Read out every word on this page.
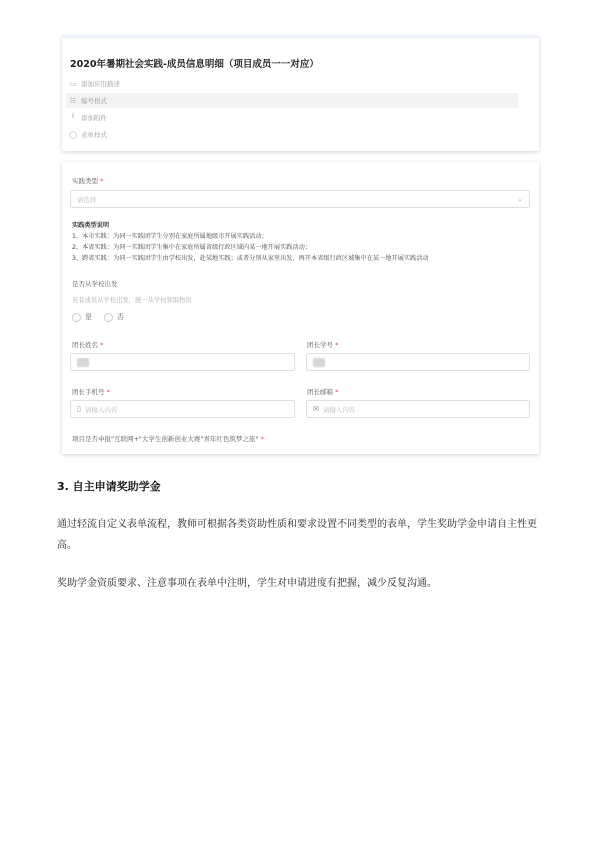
2020年暑期社会实践-成员信息明细（项目成员一一对应）
▭ 添加应用描述
☷ 编号格式
⭱	添加附件
◯ 表单样式
实践类型 *
请选择	⌄
实践类型说明
1、本市实践：为同一实践团学生分别在家庭所属地级市开展实践活动；
2、本省实践：为同一实践团学生集中在家庭所属省级行政区域内某一地开展实践活动；
3、跨省实践：为同一实践团学生由学校出发，赴某地实践；或者分别从家里出发，再开本省级行政区域集中在某一地开展实践活动
是否从学校出发
若有成员从学校出发，统一从学校领取物资
是	否
团长姓名 *	团长学号 *
团长手机号 *
▯ 请输入内容
团长邮箱 *
✉ 请输入内容
项目是否申报"互联网+"大学生创新创业大赛"青年红色筑梦之旅" *
3. 自主申请奖助学金
通过轻流自定义表单流程，教师可根据各类资助性质和要求设置不同类型的表单，学生奖助学金申请自主性更高。
奖助学金资质要求、注意事项在表单中注明，学生对申请进度有把握，减少反复沟通。
